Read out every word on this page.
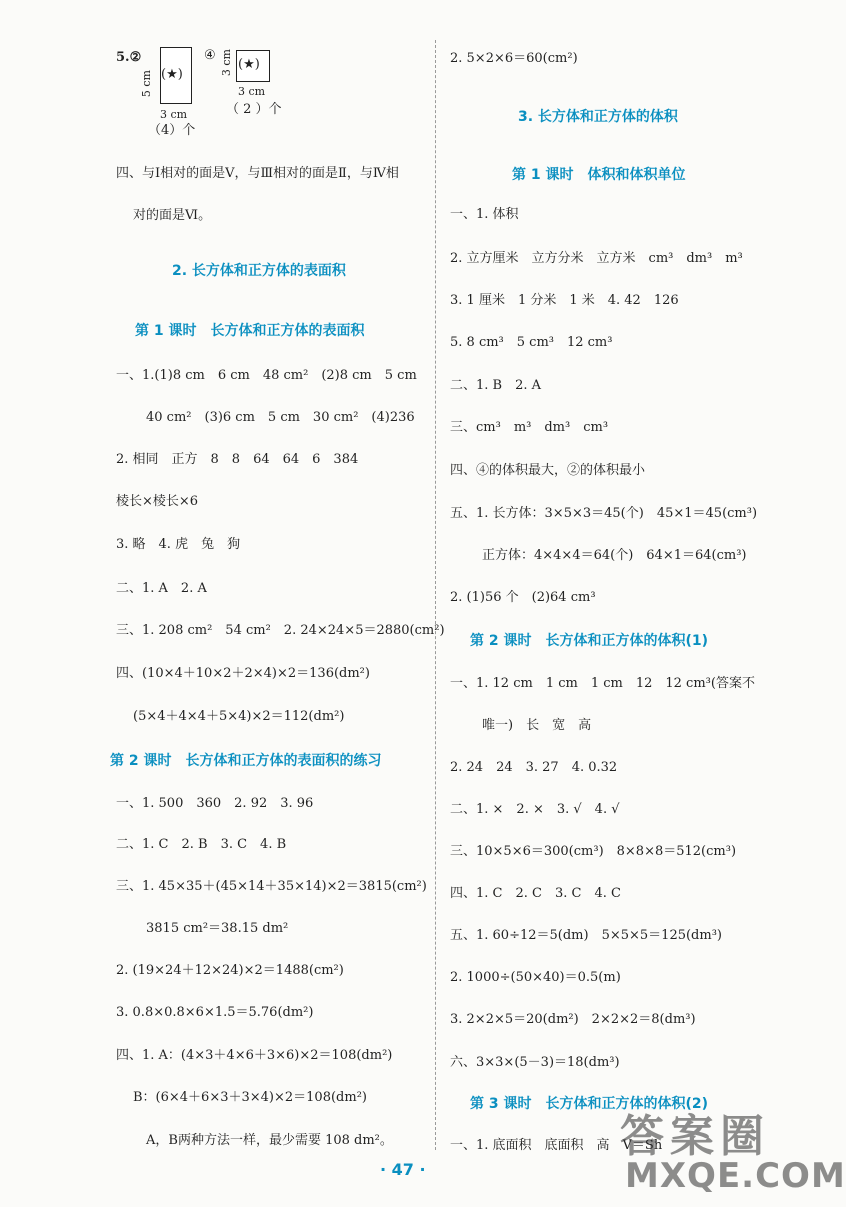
5.②
5 cm (★)
3 cm
（4）个
④ 3 cm (★)
3 cm
（ 2 ）个
四、与Ⅰ相对的面是Ⅴ，与Ⅲ相对的面是Ⅱ，与Ⅳ相
对的面是Ⅵ。
2. 长方体和正方体的表面积
第 1 课时　长方体和正方体的表面积
一、1.(1)8 cm　6 cm　48 cm²　(2)8 cm　5 cm
40 cm²　(3)6 cm　5 cm　30 cm²　(4)236
2. 相同　正方　8　8　64　64　6　384
棱长×棱长×6
3. 略　4. 虎　兔　狗
二、1. A　2. A
三、1. 208 cm²　54 cm²　2. 24×24×5＝2880(cm²)
四、(10×4＋10×2＋2×4)×2＝136(dm²)
(5×4＋4×4＋5×4)×2＝112(dm²)
第 2 课时　长方体和正方体的表面积的练习
一、1. 500　360　2. 92　3. 96
二、1. C　2. B　3. C　4. B
三、1. 45×35＋(45×14＋35×14)×2＝3815(cm²)
3815 cm²＝38.15 dm²
2. (19×24＋12×24)×2＝1488(cm²)
3. 0.8×0.8×6×1.5＝5.76(dm²)
四、1. A：(4×3＋4×6＋3×6)×2＝108(dm²)
B：(6×4＋6×3＋3×4)×2＝108(dm²)
A，B两种方法一样，最少需要 108 dm²。
2. 5×2×6＝60(cm²)
3. 长方体和正方体的体积
第 1 课时　体积和体积单位
一、1. 体积
2. 立方厘米　立方分米　立方米　cm³　dm³　m³
3. 1 厘米　1 分米　1 米　4. 42　126
5. 8 cm³　5 cm³　12 cm³
二、1. B　2. A
三、cm³　m³　dm³　cm³
四、④的体积最大，②的体积最小
五、1. 长方体：3×5×3＝45(个)　45×1＝45(cm³)
正方体：4×4×4＝64(个)　64×1＝64(cm³)
2. (1)56 个　(2)64 cm³
第 2 课时　长方体和正方体的体积(1)
一、1. 12 cm　1 cm　1 cm　12　12 cm³(答案不
唯一)　长　宽　高
2. 24　24　3. 27　4. 0.32
二、1. ×　2. ×　3. √　4. √
三、10×5×6＝300(cm³)　8×8×8＝512(cm³)
四、1. C　2. C　3. C　4. C
五、1. 60÷12＝5(dm)　5×5×5＝125(dm³)
2. 1000÷(50×40)＝0.5(m)
3. 2×2×5＝20(dm²)　2×2×2＝8(dm³)
六、3×3×(5－3)＝18(dm³)
第 3 课时　长方体和正方体的体积(2)
一、1. 底面积　底面积　高　V＝Sh
· 47 ·
答案圈
MXQE.COM
